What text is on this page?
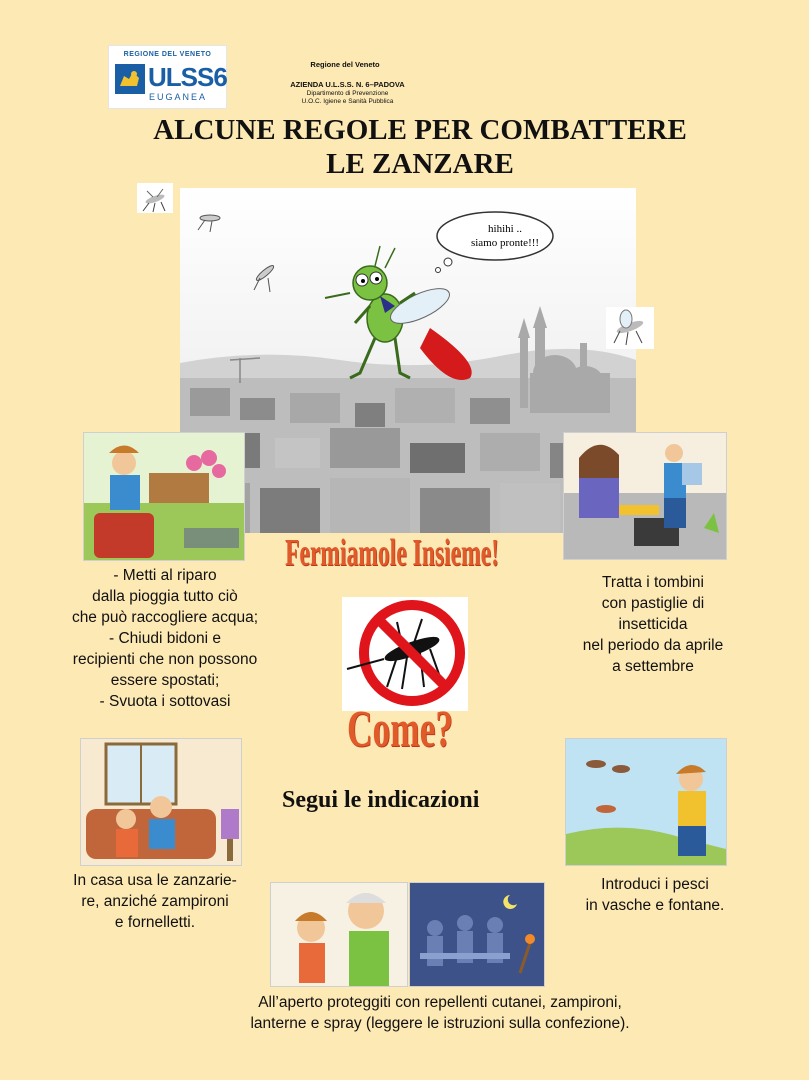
REGIONE DEL VENETO
ULSS6
EUGANEA
Regione del Veneto
AZIENDA U.L.S.S. N. 6–PADOVA
Dipartimento di Prevenzione
U.O.C. Igiene e Sanità Pubblica
ALCUNE REGOLE PER COMBATTERE
LE ZANZARE
hihihi ..
siamo pronte!!!
- Metti al riparo
dalla pioggia tutto ciò
che può raccogliere acqua;
- Chiudi bidoni e
recipienti che non possono
essere spostati;
- Svuota i sottovasi
Tratta i tombini
con pastiglie di
insetticida
nel periodo da aprile
a settembre
Fermiamole Insieme!
Come?
Segui le indicazioni
In casa usa le zanzarie-
re, anziché zampironi
e fornelletti.
Introduci i pesci
in vasche e fontane.
All’aperto proteggiti con repellenti cutanei, zampironi,
lanterne e spray (leggere le istruzioni sulla confezione).
